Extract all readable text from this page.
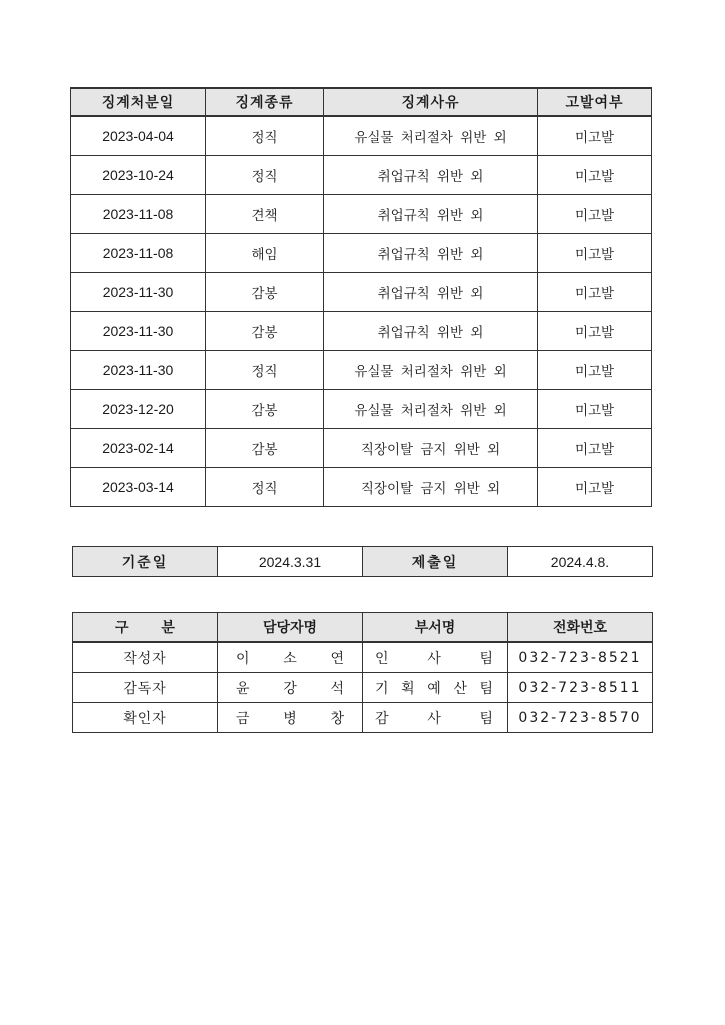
징계처분일	징계종류	징계사유	고발여부
2023-04-04	정직	유실물 처리절차 위반 외	미고발
2023-10-24	정직	취업규칙 위반 외	미고발
2023-11-08	견책	취업규칙 위반 외	미고발
2023-11-08	해임	취업규칙 위반 외	미고발
2023-11-30	감봉	취업규칙 위반 외	미고발
2023-11-30	감봉	취업규칙 위반 외	미고발
2023-11-30	정직	유실물 처리절차 위반 외	미고발
2023-12-20	감봉	유실물 처리절차 위반 외	미고발
2023-02-14	감봉	직장이탈 금지 위반 외	미고발
2023-03-14	정직	직장이탈 금지 위반 외	미고발
기준일	2024.3.31	제출일	2024.4.8.
구 분	담당자명	부서명	전화번호
작성자	이 소 연	인 사 팀	032-723-8521
감독자	윤 강 석	기 획 예 산 팀	032-723-8511
확인자	금 병 창	감 사 팀	032-723-8570
